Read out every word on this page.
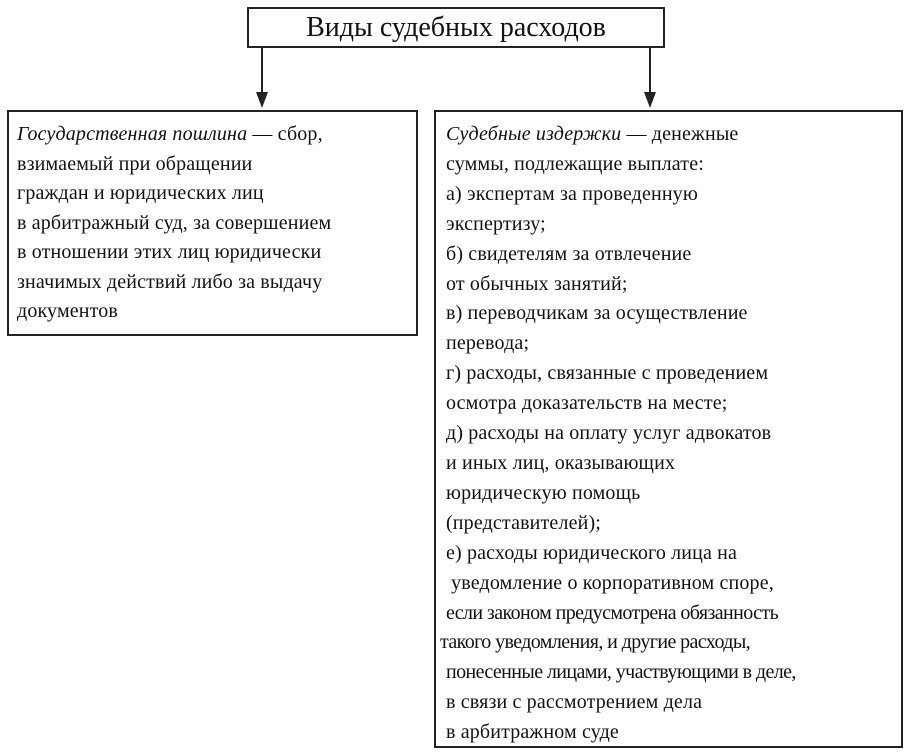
Виды судебных расходов
Государственная пошлина — сбор,
взимаемый при обращении
граждан и юридических лиц
в арбитражный суд, за совершением
в отношении этих лиц юридически
значимых действий либо за выдачу
документов
Судебные издержки — денежные
суммы, подлежащие выплате:
а) экспертам за проведенную
экспертизу;
б) свидетелям за отвлечение
от обычных занятий;
в) переводчикам за осуществление
перевода;
г) расходы, связанные с проведением
осмотра доказательств на месте;
д) расходы на оплату услуг адвокатов
и иных лиц, оказывающих
юридическую помощь
(представителей);
е) расходы юридического лица на
уведомление о корпоративном споре,
если законом предусмотрена обязанность
такого уведомления, и другие расходы,
понесенные лицами, участвующими в деле,
в связи с рассмотрением дела
в арбитражном суде
